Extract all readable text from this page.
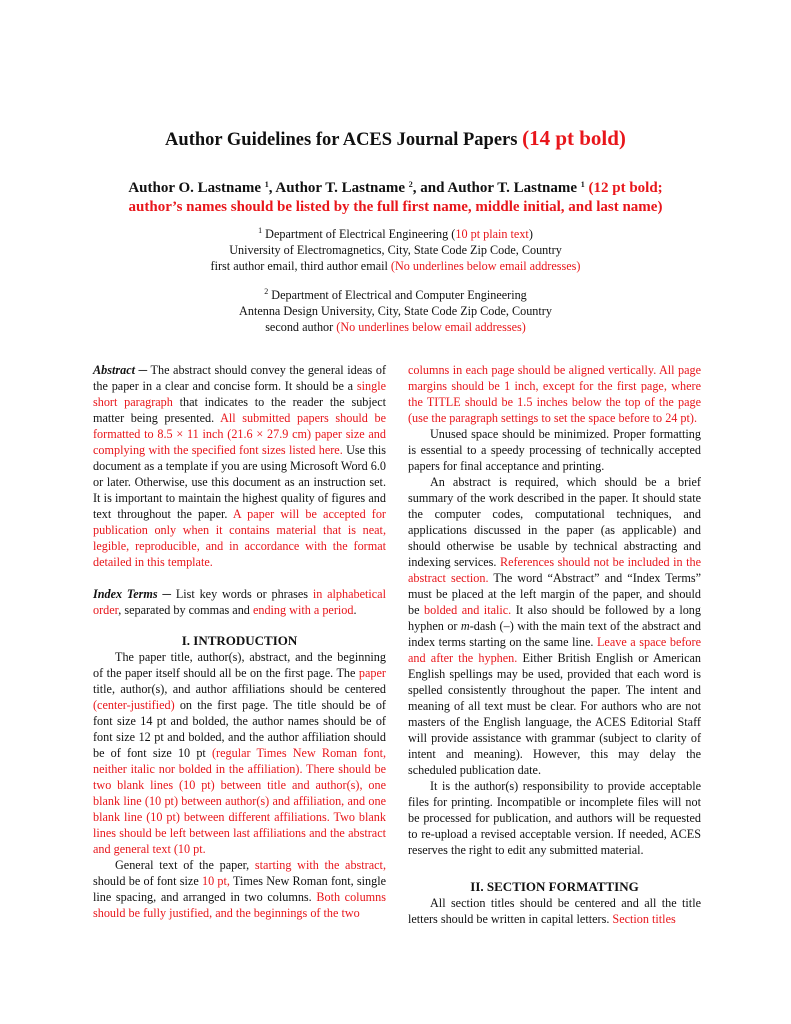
Author Guidelines for ACES Journal Papers (14 pt bold)
Author O. Lastname $^1$, Author T. Lastname $^2$, and Author T. Lastname $^1$ (12 pt bold;
author’s names should be listed by the full first name, middle initial, and last name)
$^1$ Department of Electrical Engineering (10 pt plain text)
University of Electromagnetics, City, State Code Zip Code, Country
first author email, third author email (No underlines below email addresses)
$^2$ Department of Electrical and Computer Engineering
Antenna Design University, City, State Code Zip Code, Country
second author (No underlines below email addresses)

Abstract ─ The abstract should convey the general ideas of the paper in a clear and concise form. It should be a single short paragraph that indicates to the reader the subject matter being presented. All submitted papers should be formatted to 8.5 × 11 inch (21.6 × 27.9 cm) paper size and complying with the specified font sizes listed here. Use this document as a template if you are using Microsoft Word 6.0 or later. Otherwise, use this document as an instruction set. It is important to maintain the highest quality of figures and text throughout the paper. A paper will be accepted for publication only when it contains material that is neat, legible, reproducible, and in accordance with the format detailed in this template.

Index Terms ─ List key words or phrases in alphabetical order, separated by commas and ending with a period.

I. INTRODUCTION

The paper title, author(s), abstract, and the beginning of the paper itself should all be on the first page. The paper title, author(s), and author affiliations should be centered (center-justified) on the first page. The title should be of font size 14 pt and bolded, the author names should be of font size 12 pt and bolded, and the author affiliation should be of font size 10 pt (regular Times New Roman font, neither italic nor bolded in the affiliation). There should be two blank lines (10 pt) between title and author(s), one blank line (10 pt) between author(s) and affiliation, and one blank line (10 pt) between different affiliations. Two blank lines should be left between last affiliations and the abstract and general text (10 pt.

General text of the paper, starting with the abstract, should be of font size 10 pt, Times New Roman font, single line spacing, and arranged in two columns. Both columns should be fully justified, and the beginnings of the two

columns in each page should be aligned vertically. All page margins should be 1 inch, except for the first page, where the TITLE should be 1.5 inches below the top of the page (use the paragraph settings to set the space before to 24 pt).

Unused space should be minimized. Proper formatting is essential to a speedy processing of technically accepted papers for final acceptance and printing.

An abstract is required, which should be a brief summary of the work described in the paper. It should state the computer codes, computational techniques, and applications discussed in the paper (as applicable) and should otherwise be usable by technical abstracting and indexing services. References should not be included in the abstract section. The word “Abstract” and “Index Terms” must be placed at the left margin of the paper, and should be bolded and italic. It also should be followed by a long hyphen or m-dash (–) with the main text of the abstract and index terms starting on the same line. Leave a space before and after the hyphen. Either British English or American English spellings may be used, provided that each word is spelled consistently throughout the paper. The intent and meaning of all text must be clear. For authors who are not masters of the English language, the ACES Editorial Staff will provide assistance with grammar (subject to clarity of intent and meaning). However, this may delay the scheduled publication date.

It is the author(s) responsibility to provide acceptable files for printing. Incompatible or incomplete files will not be processed for publication, and authors will be requested to re-upload a revised acceptable version. If needed, ACES reserves the right to edit any submitted material.

II. SECTION FORMATTING

All section titles should be centered and all the title letters should be written in capital letters. Section titles
